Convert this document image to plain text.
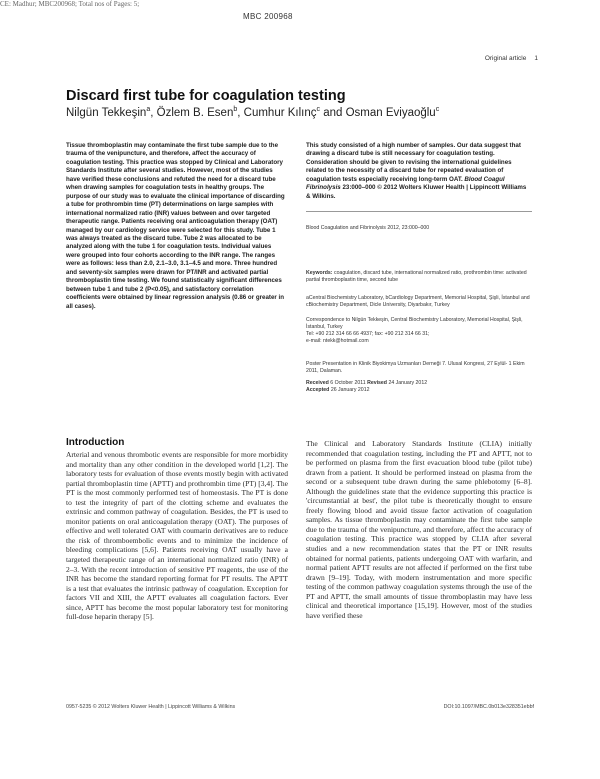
CE: Madhur; MBC200968; Total nos of Pages: 5;
MBC 200968
Original article 1
Discard first tube for coagulation testing
Nilgün Tekkeşin$^a$, Özlem B. Esen$^b$, Cumhur Kılınç$^c$ and Osman Eviyaoğlu$^c$
Tissue thromboplastin may contaminate the first tube sample due to the trauma of the venipuncture, and therefore, affect the accuracy of coagulation testing. This practice was stopped by Clinical and Laboratory Standards Institute after several studies. However, most of the studies have verified these conclusions and refuted the need for a discard tube when drawing samples for coagulation tests in healthy groups. The purpose of our study was to evaluate the clinical importance of discarding a tube for prothrombin time (PT) determinations on large samples with international normalized ratio (INR) values between and over targeted therapeutic range. Patients receiving oral anticoagulation therapy (OAT) managed by our cardiology service were selected for this study. Tube 1 was always treated as the discard tube. Tube 2 was allocated to be analyzed along with the tube 1 for coagulation tests. Individual values were grouped into four cohorts according to the INR range. The ranges were as follows: less than 2.0, 2.1–3.0, 3.1–4.5 and more. Three hundred and seventy-six samples were drawn for PT/INR and activated partial thromboplastin time testing. We found statistically significant differences between tube 1 and tube 2 (P<0.05), and satisfactory correlation coefficients were obtained by linear regression analysis (0.86 or greater in all cases).
This study consisted of a high number of samples. Our data suggest that drawing a discard tube is still necessary for coagulation testing. Consideration should be given to revising the international guidelines related to the necessity of a discard tube for repeated evaluation of coagulation tests especially receiving long-term OAT. Blood Coagul Fibrinolysis 23:000–000 © 2012 Wolters Kluwer Health | Lippincott Williams & Wilkins.
Blood Coagulation and Fibrinolysis 2012, 23:000–000
Keywords: coagulation, discard tube, international normalized ratio, prothrombin time: activated partial thromboplastin time, second tube
aCentral Biochemistry Laboratory, bCardiology Department, Memorial Hospital, Şişli, İstanbul and cBiochemistry Department, Dicle University, Diyarbakır, Turkey
Correspondence to Nilgün Tekkeşin, Central Biochemistry Laboratory, Memorial Hospital, Şişli, İstanbul, Turkey
Tel: +90 212 314 66 66 4937; fax: +90 212 314 66 31;
e-mail: ntekk@hotmail.com
Poster Presentation in Klinik Biyokimya Uzmanları Derneği 7. Ulusal Kongresi, 27 Eylül- 1 Ekim 2011, Dalaman.
Received 6 October 2011 Revised 24 January 2012
Accepted 26 January 2012
Introduction

Arterial and venous thrombotic events are responsible for more morbidity and mortality than any other condition in the developed world [1,2]. The laboratory tests for evaluation of those events mostly begin with activated partial thromboplastin time (APTT) and prothrombin time (PT) [3,4]. The PT is the most commonly performed test of homeostasis. The PT is done to test the integrity of part of the clotting scheme and evaluates the extrinsic and common pathway of coagulation. Besides, the PT is used to monitor patients on oral anticoagulation therapy (OAT). The purposes of effective and well tolerated OAT with coumarin derivatives are to reduce the risk of thromboembolic events and to minimize the incidence of bleeding complications [5,6]. Patients receiving OAT usually have a targeted therapeutic range of an international normalized ratio (INR) of 2–3. With the recent introduction of sensitive PT reagents, the use of the INR has become the standard reporting format for PT results. The APTT is a test that evaluates the intrinsic pathway of coagulation. Exception for factors VII and XIII, the APTT evaluates all coagulation factors. Ever since, APTT has become the most popular laboratory test for monitoring full-dose heparin therapy [5].

The Clinical and Laboratory Standards Institute (CLIA) initially recommended that coagulation testing, including the PT and APTT, not to be performed on plasma from the first evacuation blood tube (pilot tube) drawn from a patient. It should be performed instead on plasma from the second or a subsequent tube drawn during the same phlebotomy [6–8]. Although the guidelines state that the evidence supporting this practice is 'circumstantial at best', the pilot tube is theoretically thought to ensure freely flowing blood and avoid tissue factor activation of coagulation samples. As tissue thromboplastin may contaminate the first tube sample due to the trauma of the venipuncture, and therefore, affect the accuracy of coagulation testing. This practice was stopped by CLIA after several studies and a new recommendation states that the PT or INR results obtained for normal patients, patients undergoing OAT with warfarin, and normal patient APTT results are not affected if performed on the first tube drawn [9–19]. Today, with modern instrumentation and more specific testing of the common pathway coagulation systems through the use of the PT and APTT, the small amounts of tissue thromboplastin may have less clinical and theoretical importance [15,19]. However, most of the studies have verified these

0957-5235 © 2012 Wolters Kluwer Health | Lippincott Williams & Wilkins	DOI:10.1097/MBC.0b013e328351ebbf
